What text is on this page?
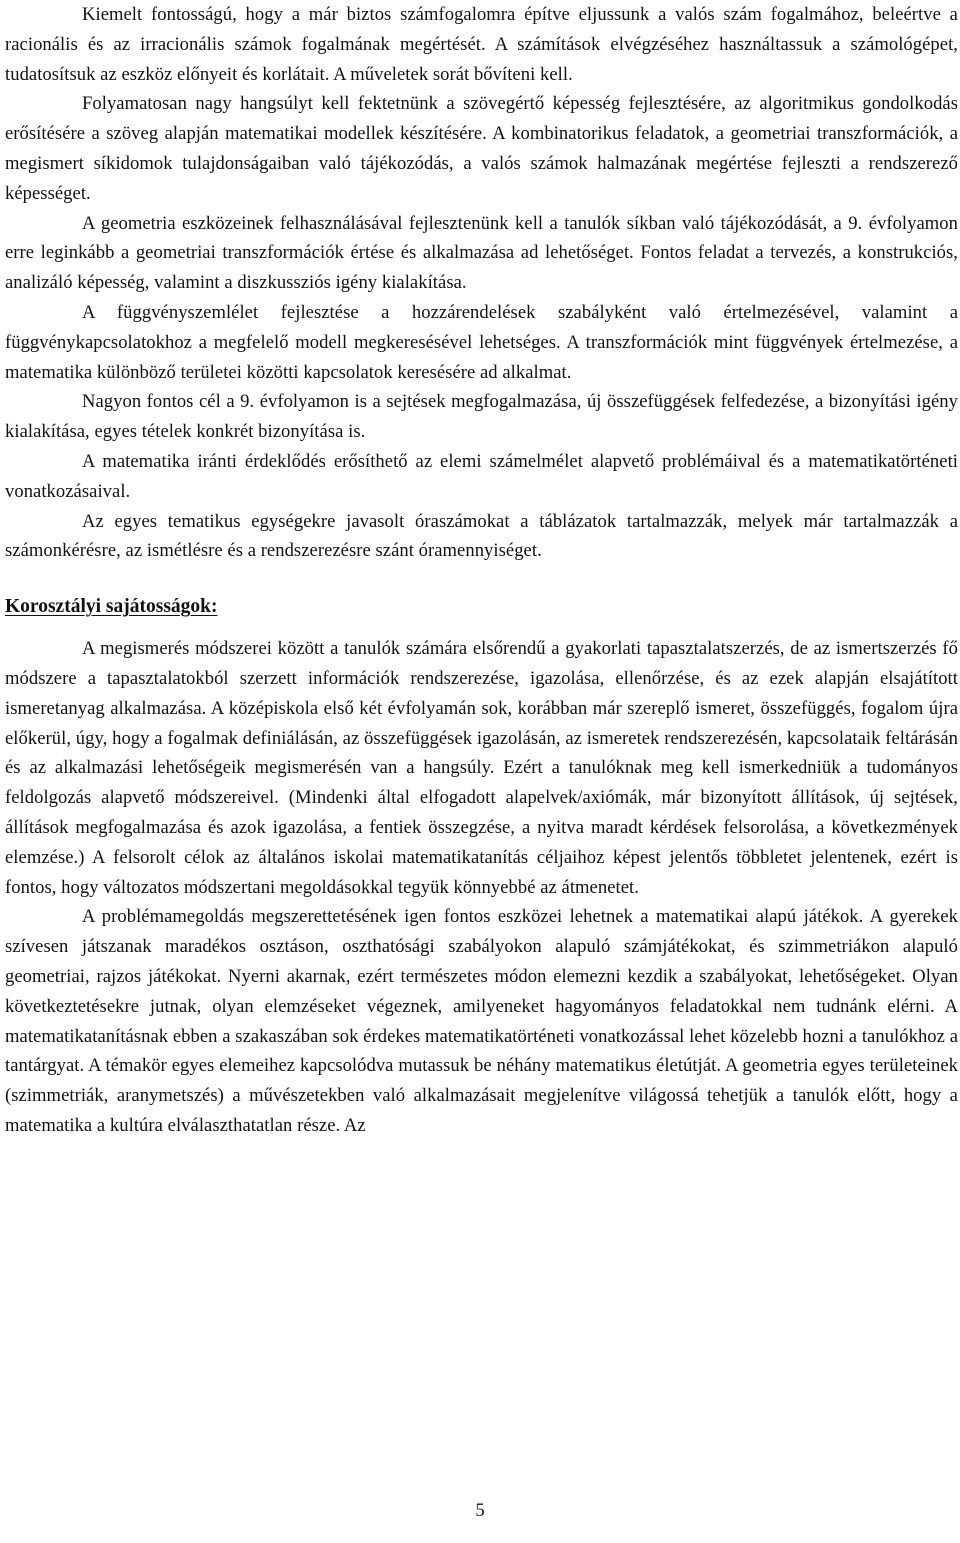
Kiemelt fontosságú, hogy a már biztos számfogalomra építve eljussunk a valós szám fogalmához, beleértve a racionális és az irracionális számok fogalmának megértését. A számítások elvégzéséhez használtassuk a számológépet, tudatosítsuk az eszköz előnyeit és korlátait. A műveletek sorát bővíteni kell.

Folyamatosan nagy hangsúlyt kell fektetnünk a szövegértő képesség fejlesztésére, az algoritmikus gondolkodás erősítésére a szöveg alapján matematikai modellek készítésére. A kombinatorikus feladatok, a geometriai transzformációk, a megismert síkidomok tulajdonságaiban való tájékozódás, a valós számok halmazának megértése fejleszti a rendszerező képességet.

A geometria eszközeinek felhasználásával fejlesztenünk kell a tanulók síkban való tájékozódását, a 9. évfolyamon erre leginkább a geometriai transzformációk értése és alkalmazása ad lehetőséget. Fontos feladat a tervezés, a konstrukciós, analizáló képesség, valamint a diszkussziós igény kialakítása.

A függvényszemlélet fejlesztése a hozzárendelések szabályként való értelmezésével, valamint a függvénykapcsolatokhoz a megfelelő modell megkeresésével lehetséges. A transzformációk mint függvények értelmezése, a matematika különböző területei közötti kapcsolatok keresésére ad alkalmat.

Nagyon fontos cél a 9. évfolyamon is a sejtések megfogalmazása, új összefüggések felfedezése, a bizonyítási igény kialakítása, egyes tételek konkrét bizonyítása is.

A matematika iránti érdeklődés erősíthető az elemi számelmélet alapvető problémáival és a matematikatörténeti vonatkozásaival.

Az egyes tematikus egységekre javasolt óraszámokat a táblázatok tartalmazzák, melyek már tartalmazzák a számonkérésre, az ismétlésre és a rendszerezésre szánt óramennyiséget.

Korosztályi sajátosságok:

A megismerés módszerei között a tanulók számára elsőrendű a gyakorlati tapasztalatszerzés, de az ismertszerzés fő módszere a tapasztalatokból szerzett információk rendszerezése, igazolása, ellenőrzése, és az ezek alapján elsajátított ismeretanyag alkalmazása. A középiskola első két évfolyamán sok, korábban már szereplő ismeret, összefüggés, fogalom újra előkerül, úgy, hogy a fogalmak definiálásán, az összefüggések igazolásán, az ismeretek rendszerezésén, kapcsolataik feltárásán és az alkalmazási lehetőségeik megismerésén van a hangsúly. Ezért a tanulóknak meg kell ismerkedniük a tudományos feldolgozás alapvető módszereivel. (Mindenki által elfogadott alapelvek/axiómák, már bizonyított állítások, új sejtések, állítások megfogalmazása és azok igazolása, a fentiek összegzése, a nyitva maradt kérdések felsorolása, a következmények elemzése.) A felsorolt célok az általános iskolai matematikatanítás céljaihoz képest jelentős többletet jelentenek, ezért is fontos, hogy változatos módszertani megoldásokkal tegyük könnyebbé az átmenetet.

A problémamegoldás megszerettetésének igen fontos eszközei lehetnek a matematikai alapú játékok. A gyerekek szívesen játszanak maradékos osztáson, oszthatósági szabályokon alapuló számjátékokat, és szimmetriákon alapuló geometriai, rajzos játékokat. Nyerni akarnak, ezért természetes módon elemezni kezdik a szabályokat, lehetőségeket. Olyan következtetésekre jutnak, olyan elemzéseket végeznek, amilyeneket hagyományos feladatokkal nem tudnánk elérni. A matematikatanításnak ebben a szakaszában sok érdekes matematikatörténeti vonatkozással lehet közelebb hozni a tanulókhoz a tantárgyat. A témakör egyes elemeihez kapcsolódva mutassuk be néhány matematikus életútját. A geometria egyes területeinek (szimmetriák, aranymetszés) a művészetekben való alkalmazásait megjelenítve világossá tehetjük a tanulók előtt, hogy a matematika a kultúra elválaszthatatlan része. Az

5
